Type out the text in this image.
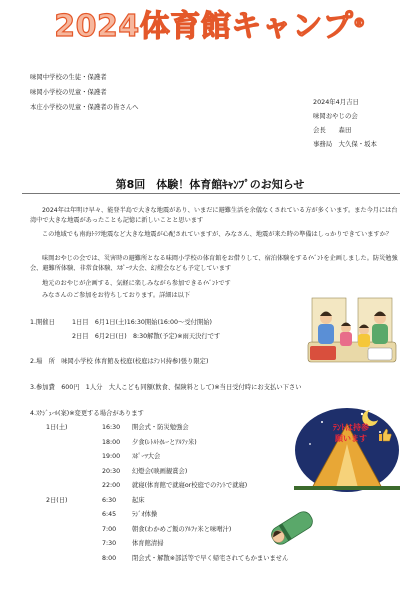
2024体育館キャンプ®
味岡中学校の生徒・保護者
味岡小学校の児童・保護者
本庄小学校の児童・保護者の皆さんへ
2024年4月吉日
味岡おやじの会
会長　　森田
事務局　大久保・坂本
第8回　体験！体育館ｷｬﾝﾌﾟのお知らせ
2024年は年明け早々、能登半島で大きな地震があり、いまだに避難生活を余儀なくされている方が多くいます。また今月には台湾中で大きな地震があったことも記憶に新しいことと思います
この地域でも南海ﾄﾗﾌ地震など大きな地震が心配されていますが、みなさん、地震が来た時の準備はしっかりできていますか？
味岡おやじの会では、災害時の避難所となる味岡小学校の体育館をお借りして、宿泊体験をするｲﾍﾞﾝﾄを企画しました。防災勉強会、避難所体験、非常食体験、ｽﾎﾟｰﾂ大会、幻燈会なども予定しています
地元のおやじが企画する、気軽に楽しみながら参加できるｲﾍﾞﾝﾄです
みなさんのご参加をお待ちしております。詳細は以下
1.開催日	1日目　6月1日(土)16:30開始(16:00～受付開始)
2日目　6月2日(日)　8:30解散(予定)※雨天決行です
2.場　所　味岡小学校 体育館＆校庭(校庭はﾃﾝﾄ(持参)張り限定)
3.参加費　600円　1人分　大人こども同額(飲食、保険料として)※当日受付時にお支払い下さい
4.ｽｹｼﾞｭｰﾙ(案)※変更する場合があります
1日(土)	16:30 開会式・防災勉強会
18:00 夕食(ﾚﾄﾙﾄｶﾚｰとｱﾙﾌｧ米)
19:00 ｽﾎﾟｰﾂ大会
20:30 幻燈会(映画観賞会)
22:00 就寝(体育館で就寝or校庭でのﾃﾝﾄで就寝)
2日(日)	6:30	起床
6:45	ﾗｼﾞｵ体操
7:00	朝食(わかめご飯のｱﾙﾌｧ米と味噌汁)
7:30	体育館清掃
8:00	閉会式・解散※部活等で早く帰宅されてもかまいません
ﾃﾝﾄは持参
願います
